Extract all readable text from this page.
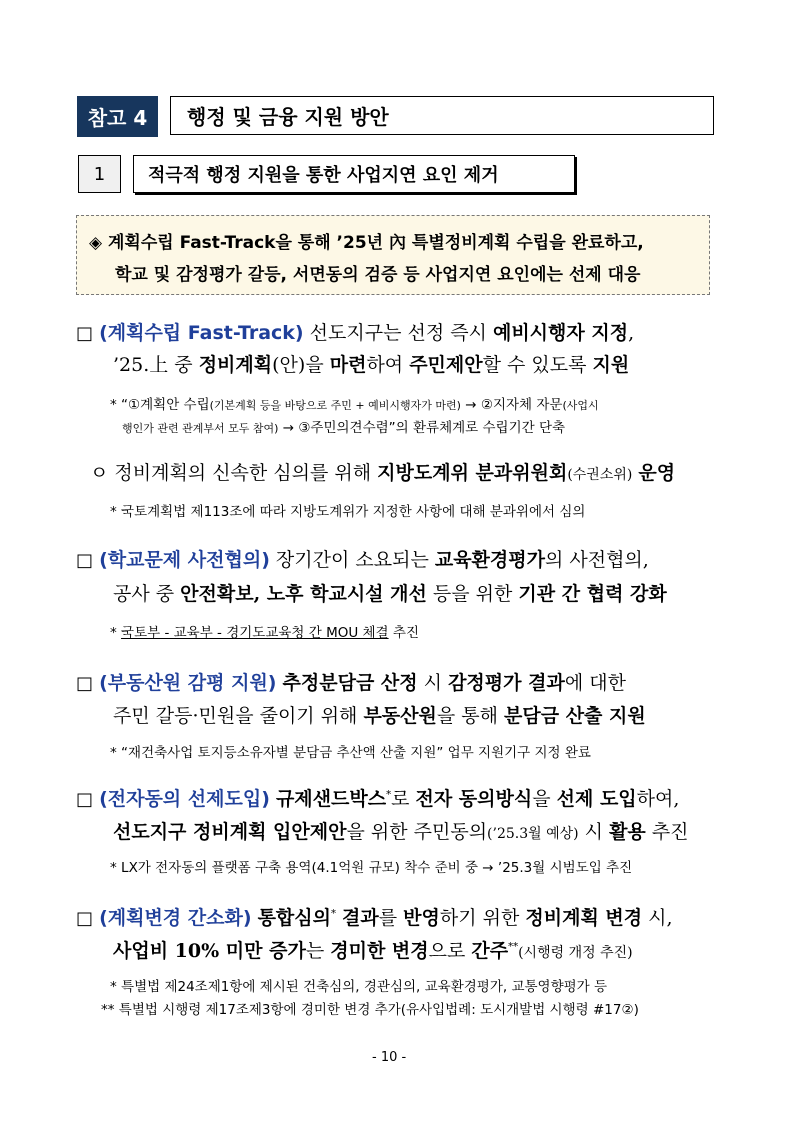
참고 4 행정 및 금융 지원 방안
1 적극적 행정 지원을 통한 사업지연 요인 제거
◈ 계획수립 Fast-Track을 통해 ’25년 內 특별정비계획 수립을 완료하고,
학교 및 감정평가 갈등, 서면동의 검증 등 사업지연 요인에는 선제 대응
□ (계획수립 Fast-Track) 선도지구는 선정 즉시 예비시행자 지정,
’25.上 중 정비계획(안)을 마련하여 주민제안할 수 있도록 지원
* “①계획안 수립(기본계획 등을 바탕으로 주민 + 예비시행자가 마련) → ②지자체 자문(사업시
행인가 관련 관계부서 모두 참여) → ③주민의견수렴”의 환류체계로 수립기간 단축
ㅇ 정비계획의 신속한 심의를 위해 지방도계위 분과위원회(수권소위) 운영
* 국토계획법 제113조에 따라 지방도계위가 지정한 사항에 대해 분과위에서 심의
□ (학교문제 사전협의) 장기간이 소요되는 교육환경평가의 사전협의,
공사 중 안전확보, 노후 학교시설 개선 등을 위한 기관 간 협력 강화
* 국토부 - 교육부 - 경기도교육청 간 MOU 체결 추진
□ (부동산원 감평 지원) 추정분담금 산정 시 감정평가 결과에 대한
주민 갈등·민원을 줄이기 위해 부동산원을 통해 분담금 산출 지원
* “재건축사업 토지등소유자별 분담금 추산액 산출 지원” 업무 지원기구 지정 완료
□ (전자동의 선제도입) 규제샌드박스*로 전자 동의방식을 선제 도입하여,
선도지구 정비계획 입안제안을 위한 주민동의(’25.3월 예상) 시 활용 추진
* LX가 전자동의 플랫폼 구축 용역(4.1억원 규모) 착수 준비 중 → ’25.3월 시범도입 추진
□ (계획변경 간소화) 통합심의* 결과를 반영하기 위한 정비계획 변경 시,
사업비 10% 미만 증가는 경미한 변경으로 간주**(시행령 개정 추진)
* 특별법 제24조제1항에 제시된 건축심의, 경관심의, 교육환경평가, 교통영향평가 등
** 특별법 시행령 제17조제3항에 경미한 변경 추가(유사입법례: 도시개발법 시행령 #17②)
- 10 -
